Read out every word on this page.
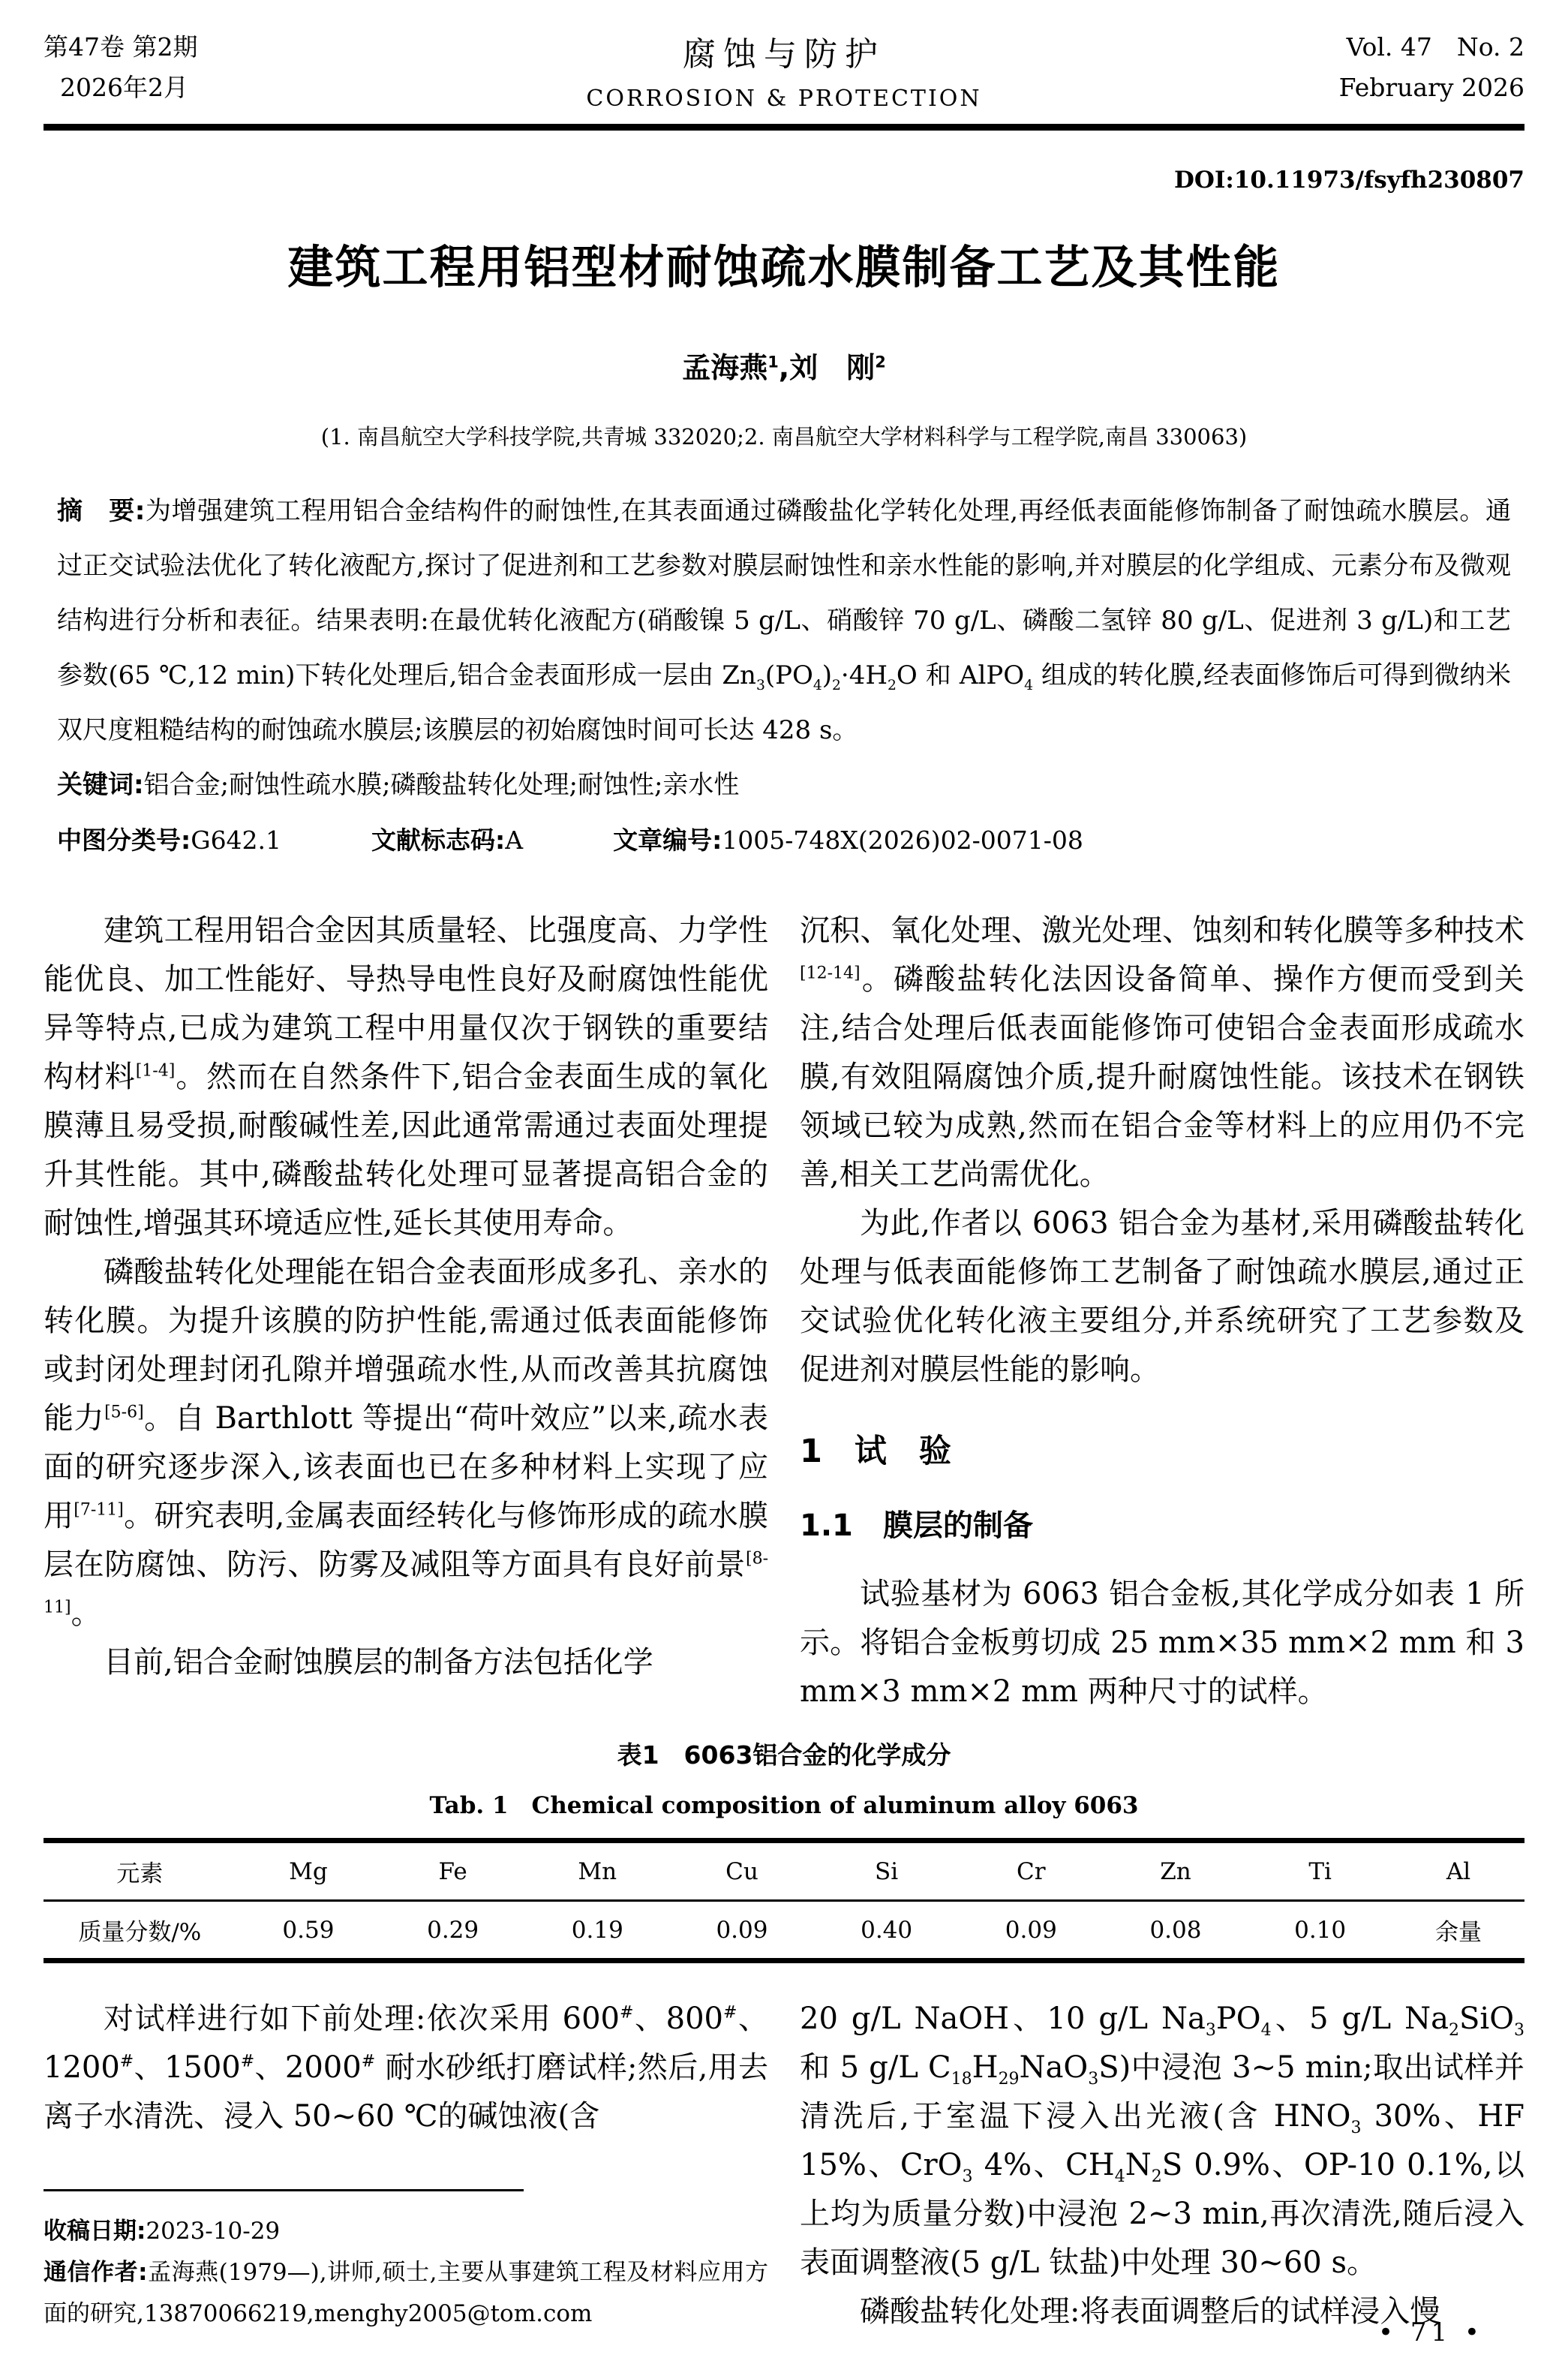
第47卷 第2期
2026年2月
腐蚀与防护
CORROSION & PROTECTION
Vol. 47　No. 2
February 2026
DOI:10.11973/fsyfh230807
建筑工程用铝型材耐蚀疏水膜制备工艺及其性能
孟海燕$^1$,刘　刚$^2$
(1. 南昌航空大学科技学院,共青城 332020;2. 南昌航空大学材料科学与工程学院,南昌 330063)

摘　要:为增强建筑工程用铝合金结构件的耐蚀性,在其表面通过磷酸盐化学转化处理,再经低表面能修饰制备了耐蚀疏水膜层。通过正交试验法优化了转化液配方,探讨了促进剂和工艺参数对膜层耐蚀性和亲水性能的影响,并对膜层的化学组成、元素分布及微观结构进行分析和表征。结果表明:在最优转化液配方(硝酸镍 5 g/L、硝酸锌 70 g/L、磷酸二氢锌 80 g/L、促进剂 3 g/L)和工艺参数(65 ℃,12 min)下转化处理后,铝合金表面形成一层由 $Zn_3(PO_4)_2\cdot 4H_2O$ 和 AlPO$_4$ 组成的转化膜,经表面修饰后可得到微纳米双尺度粗糙结构的耐蚀疏水膜层;该膜层的初始腐蚀时间可长达 428 s。

关键词:铝合金;耐蚀性疏水膜;磷酸盐转化处理;耐蚀性;亲水性

中图分类号:G642.1	文献标志码:A	文章编号:1005-748X(2026)02-0071-08

建筑工程用铝合金因其质量轻、比强度高、力学性能优良、加工性能好、导热导电性良好及耐腐蚀性能优异等特点,已成为建筑工程中用量仅次于钢铁的重要结构材料[1-4]。然而在自然条件下,铝合金表面生成的氧化膜薄且易受损,耐酸碱性差,因此通常需通过表面处理提升其性能。其中,磷酸盐转化处理可显著提高铝合金的耐蚀性,增强其环境适应性,延长其使用寿命。

磷酸盐转化处理能在铝合金表面形成多孔、亲水的转化膜。为提升该膜的防护性能,需通过低表面能修饰或封闭处理封闭孔隙并增强疏水性,从而改善其抗腐蚀能力[5-6]。自 Barthlott 等提出“荷叶效应”以来,疏水表面的研究逐步深入,该表面也已在多种材料上实现了应用[7-11]。研究表明,金属表面经转化与修饰形成的疏水膜层在防腐蚀、防污、防雾及减阻等方面具有良好前景[8-11]。

目前,铝合金耐蚀膜层的制备方法包括化学

沉积、氧化处理、激光处理、蚀刻和转化膜等多种技术[12-14]。磷酸盐转化法因设备简单、操作方便而受到关注,结合处理后低表面能修饰可使铝合金表面形成疏水膜,有效阻隔腐蚀介质,提升耐腐蚀性能。该技术在钢铁领域已较为成熟,然而在铝合金等材料上的应用仍不完善,相关工艺尚需优化。

为此,作者以 6063 铝合金为基材,采用磷酸盐转化处理与低表面能修饰工艺制备了耐蚀疏水膜层,通过正交试验优化转化液主要组分,并系统研究了工艺参数及促进剂对膜层性能的影响。

1　试　验
1.1　膜层的制备

试验基材为 6063 铝合金板,其化学成分如表 1 所示。将铝合金板剪切成 25 mm×35 mm×2 mm 和 3 mm×3 mm×2 mm 两种尺寸的试样。

表1　6063铝合金的化学成分
Tab. 1　Chemical composition of aluminum alloy 6063
元素	Mg	Fe	Mn	Cu	Si	Cr	Zn	Ti	Al
质量分数/%	0.59	0.29	0.19	0.09	0.40	0.09	0.08	0.10	余量

对试样进行如下前处理:依次采用 600#、800#、1200#、1500#、2000# 耐水砂纸打磨试样;然后,用去离子水清洗、浸入 50~60 ℃的碱蚀液(含

收稿日期:2023-10-29
通信作者:孟海燕(1979—),讲师,硕士,主要从事建筑工程及材料应用方面的研究,13870066219,menghy2005@tom.com

20 g/L NaOH、10 g/L $Na_3PO_4$、5 g/L $Na_2SiO_3$ 和 5 g/L $C_{18}H_{29}NaO_3S$)中浸泡 3~5 min;取出试样并清洗后,于室温下浸入出光液(含 $HNO_3$ 30%、HF 15%、CrO$_3$ 4%、$CH_4N_2S$ 0.9%、OP-10 0.1%,以上均为质量分数)中浸泡 2~3 min,再次清洗,随后浸入表面调整液(5 g/L 钛盐)中处理 30~60 s。

磷酸盐转化处理:将表面调整后的试样浸入慢

• 71 •
